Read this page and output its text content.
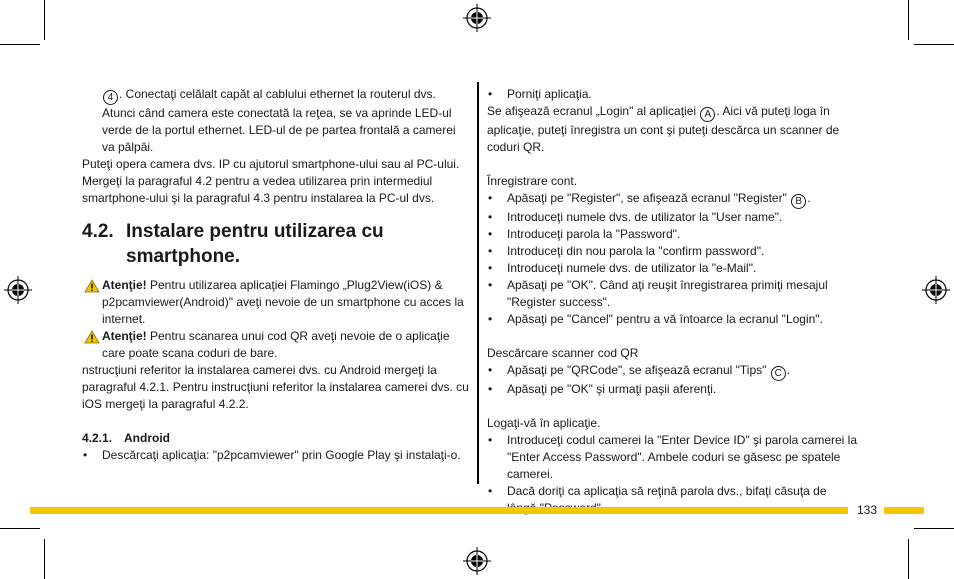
4 . Conectaţi celălalt capăt al cablului ethernet la routerul dvs. Atunci când camera este conectată la reţea, se va aprinde LED-ul verde de la portul ethernet. LED-ul de pe partea frontală a camerei va pâlpâi.

Puteţi opera camera dvs. IP cu ajutorul smartphone-ului sau al PC-ului. Mergeţi la paragraful 4.2 pentru a vedea utilizarea prin intermediul smartphone-ului şi la paragraful 4.3 pentru instalarea la PC-ul dvs.

4.2. Instalare pentru utilizarea cu smartphone.

Atenţie! Pentru utilizarea aplicaţiei Flamingo „Plug2View(iOS) & p2pcamviewer(Android)" aveţi nevoie de un smartphone cu acces la internet.

Atenţie! Pentru scanarea unui cod QR aveţi nevoie de o aplicaţie care poate scana coduri de bare.

nstrucţiuni referitor la instalarea camerei dvs. cu Android mergeţi la paragraful 4.2.1. Pentru instrucţiuni referitor la instalarea camerei dvs. cu iOS mergeţi la paragraful 4.2.2.

4.2.1. Android

• Descărcaţi aplicaţia: "p2pcamviewer" prin Google Play şi instalaţi-o.

• Porniţi aplicaţia.

Se afişează ecranul „Login" al aplicaţiei A . Aici vă puteţi loga în aplicaţie, puteţi înregistra un cont şi puteţi descărca un scanner de coduri QR.

Înregistrare cont.

• Apăsaţi pe "Register", se afişează ecranul "Register" B .

• Introduceţi numele dvs. de utilizator la "User name".

• Introduceţi parola la "Password".

• Introduceţi din nou parola la "confirm password".

• Introduceţi numele dvs. de utilizator la "e-Mail".

• Apăsaţi pe "OK". Când aţi reuşit înregistrarea primiţi mesajul "Register success".

• Apăsaţi pe "Cancel" pentru a vă întoarce la ecranul "Login".

Descărcare scanner cod QR

• Apăsaţi pe "QRCode", se afişează ecranul "Tips" C .

• Apăsaţi pe "OK" şi urmaţi paşii aferenţi.

Logaţi-vă în aplicaţie.

• Introduceţi codul camerei la "Enter Device ID" şi parola camerei la "Enter Access Password". Ambele coduri se găsesc pe spatele camerei.

• Dacă doriţi ca aplicaţia să reţină parola dvs., bifaţi căsuţa de

133
